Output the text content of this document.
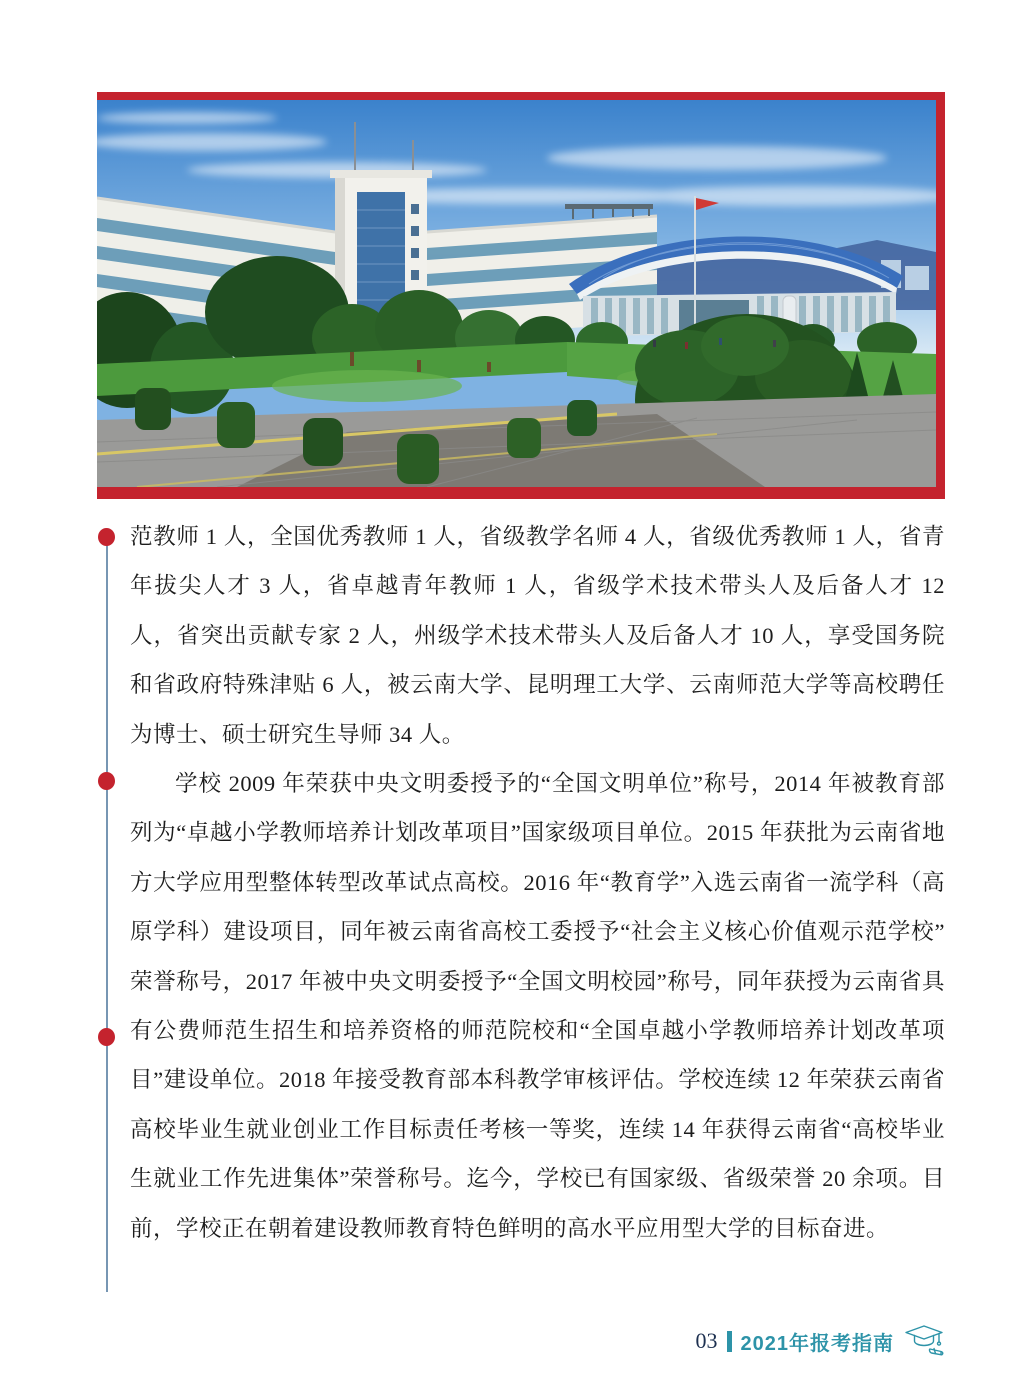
范教师 1 人，全国优秀教师 1 人，省级教学名师 4 人，省级优秀教师 1 人，省青年拔尖人才 3 人，省卓越青年教师 1 人，省级学术技术带头人及后备人才 12 人，省突出贡献专家 2 人，州级学术技术带头人及后备人才 10 人，享受国务院和省政府特殊津贴 6 人，被云南大学、昆明理工大学、云南师范大学等高校聘任为博士、硕士研究生导师 34 人。

学校 2009 年荣获中央文明委授予的“全国文明单位”称号，2014 年被教育部列为“卓越小学教师培养计划改革项目”国家级项目单位。2015 年获批为云南省地方大学应用型整体转型改革试点高校。2016 年“教育学”入选云南省一流学科（高原学科）建设项目，同年被云南省高校工委授予“社会主义核心价值观示范学校”荣誉称号，2017 年被中央文明委授予“全国文明校园”称号，同年获授为云南省具有公费师范生招生和培养资格的师范院校和“全国卓越小学教师培养计划改革项目”建设单位。2018 年接受教育部本科教学审核评估。学校连续 12 年荣获云南省高校毕业生就业创业工作目标责任考核一等奖，连续 14 年获得云南省“高校毕业生就业工作先进集体”荣誉称号。迄今，学校已有国家级、省级荣誉 20 余项。目前，学校正在朝着建设教师教育特色鲜明的高水平应用型大学的目标奋进。

03 2021年报考指南
